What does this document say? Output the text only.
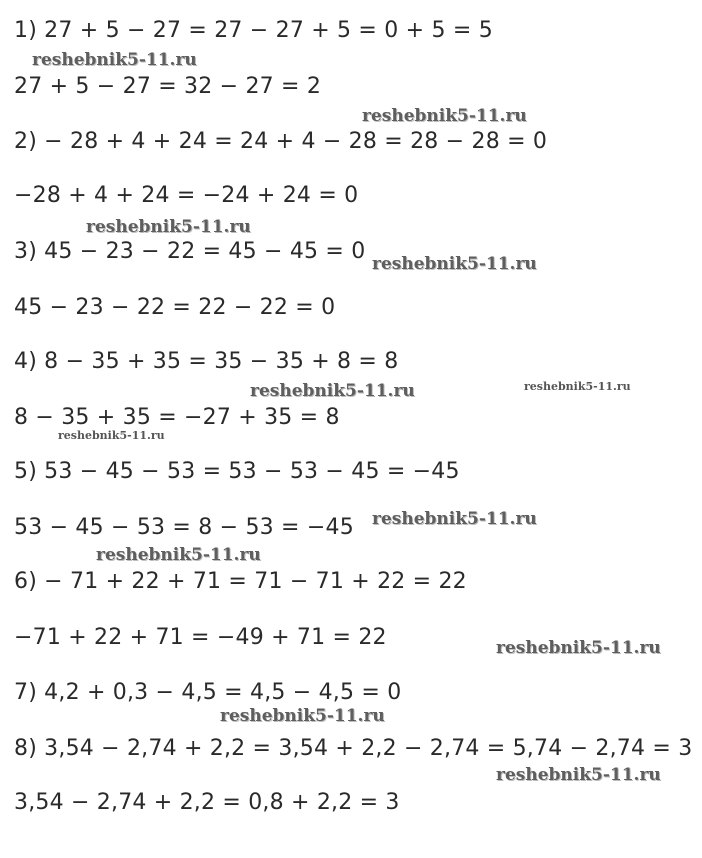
1) 27 + 5 − 27 = 27 − 27 + 5 = 0 + 5 = 5
27 + 5 − 27 = 32 − 27 = 2
2) − 28 + 4 + 24 = 24 + 4 − 28 = 28 − 28 = 0
−28 + 4 + 24 = −24 + 24 = 0
3) 45 − 23 − 22 = 45 − 45 = 0
45 − 23 − 22 = 22 − 22 = 0
4) 8 − 35 + 35 = 35 − 35 + 8 = 8
8 − 35 + 35 = −27 + 35 = 8
5) 53 − 45 − 53 = 53 − 53 − 45 = −45
53 − 45 − 53 = 8 − 53 = −45
6) − 71 + 22 + 71 = 71 − 71 + 22 = 22
−71 + 22 + 71 = −49 + 71 = 22
7) 4,2 + 0,3 − 4,5 = 4,5 − 4,5 = 0
8) 3,54 − 2,74 + 2,2 = 3,54 + 2,2 − 2,74 = 5,74 − 2,74 = 3
3,54 − 2,74 + 2,2 = 0,8 + 2,2 = 3
reshebnik5-11.ru
reshebnik5-11.ru
reshebnik5-11.ru
reshebnik5-11.ru
reshebnik5-11.ru	reshebnik5-11.ru
reshebnik5-11.ru
reshebnik5-11.ru
reshebnik5-11.ru
reshebnik5-11.ru
reshebnik5-11.ru
reshebnik5-11.ru
